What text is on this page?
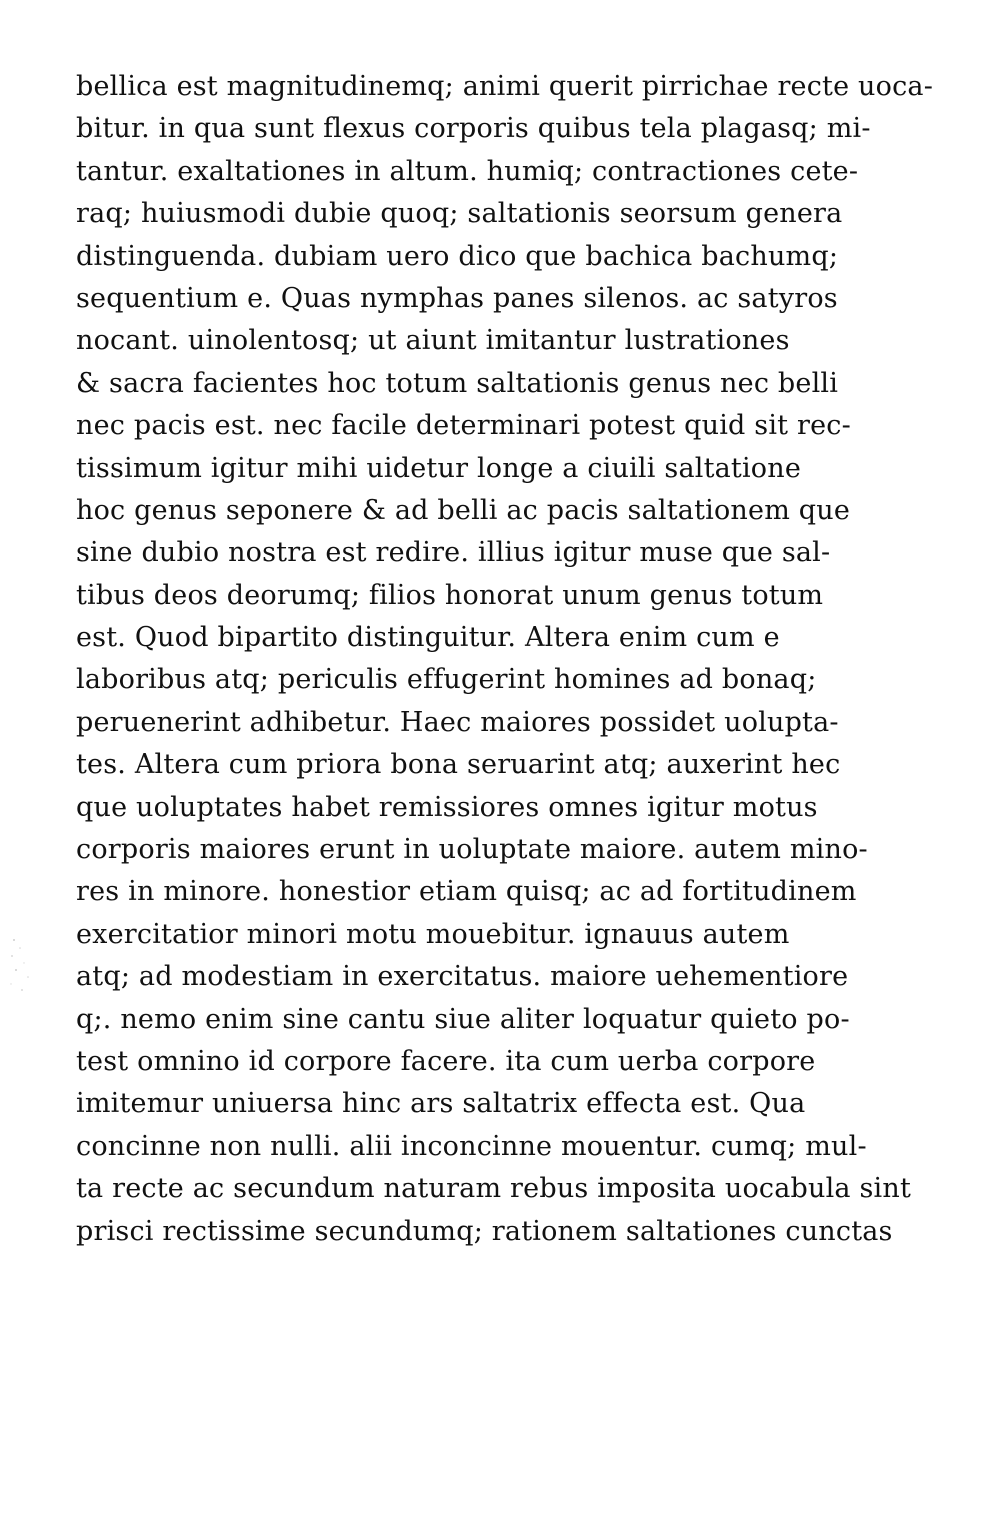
bellica est magnitudinemq; animi querit pirrichae recte uoca-
bitur. in qua sunt flexus corporis quibus tela plagasq; mi-
tantur. exaltationes in altum. humiq; contractiones cete-
raq; huiusmodi dubie quoq; saltationis seorsum genera
distinguenda. dubiam uero dico que bachica bachumq;
sequentium e. Quas nymphas panes silenos. ac satyros
nocant. uinolentosq; ut aiunt imitantur lustrationes
& sacra facientes hoc totum saltationis genus nec belli
nec pacis est. nec facile determinari potest quid sit rec-
tissimum igitur mihi uidetur longe a ciuili saltatione
hoc genus seponere & ad belli ac pacis saltationem que
sine dubio nostra est redire. illius igitur muse que sal-
tibus deos deorumq; filios honorat unum genus totum
est. Quod bipartito distinguitur. Altera enim cum e
laboribus atq; periculis effugerint homines ad bonaq;
peruenerint adhibetur. Haec maiores possidet uolupta-
tes. Altera cum priora bona seruarint atq; auxerint hec
que uoluptates habet remissiores omnes igitur motus
corporis maiores erunt in uoluptate maiore. autem mino-
res in minore. honestior etiam quisq; ac ad fortitudinem
exercitatior minori motu mouebitur. ignauus autem
atq; ad modestiam in exercitatus. maiore uehementiore
q;. nemo enim sine cantu siue aliter loquatur quieto po-
test omnino id corpore facere. ita cum uerba corpore
imitemur uniuersa hinc ars saltatrix effecta est. Qua
concinne non nulli. alii inconcinne mouentur. cumq; mul-
ta recte ac secundum naturam rebus imposita uocabula sint
prisci rectissime secundumq; rationem saltationes cunctas
